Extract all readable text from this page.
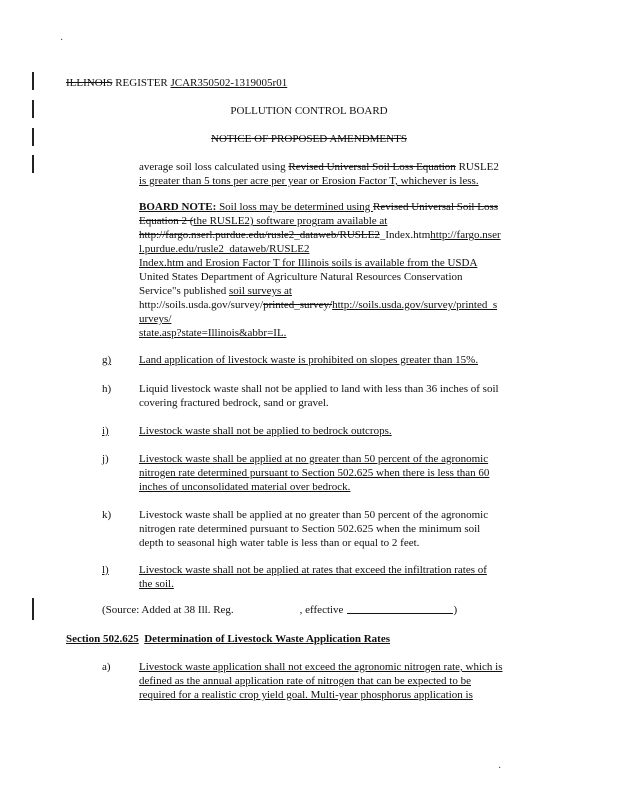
ILLINOIS REGISTER JCAR350502-1319005r01
POLLUTION CONTROL BOARD
NOTICE OF PROPOSED AMENDMENTS
average soil loss calculated using Revised Universal Soil Loss Equation RUSLE2
is greater than 5 tons per acre per year or Erosion Factor T, whichever is less.
BOARD NOTE: Soil loss may be determined using Revised Universal Soil Loss
Equation 2 (the RUSLE2) software program available at
http://fargo.nserl.purdue.edu/rusle2_dataweb/RUSLE2_Index.htmhttp://fargo.nser
l.purdue.edu/rusle2_dataweb/RUSLE2
Index.htm and Erosion Factor T for Illinois soils is available from the USDA
United States Department of Agriculture Natural Resources Conservation
Service"s published soil surveys at
http://soils.usda.gov/survey/printed_survey/http://soils.usda.gov/survey/printed_s
urveys/
state.asp?state=Illinois&abbr=IL.
g)	Land application of livestock waste is prohibited on slopes greater than 15%.
h)	Liquid livestock waste shall not be applied to land with less than 36 inches of soil
covering fractured bedrock, sand or gravel.
i)	Livestock waste shall not be applied to bedrock outcrops.
j)	Livestock waste shall be applied at no greater than 50 percent of the agronomic
nitrogen rate determined pursuant to Section 502.625 when there is less than 60
inches of unconsolidated material over bedrock.
k)	Livestock waste shall be applied at no greater than 50 percent of the agronomic
nitrogen rate determined pursuant to Section 502.625 when the minimum soil
depth to seasonal high water table is less than or equal to 2 feet.
l)	Livestock waste shall not be applied at rates that exceed the infiltration rates of
the soil.
(Source: Added at 38 Ill. Reg.	, effective	)
Section 502.625 Determination of Livestock Waste Application Rates
a)	Livestock waste application shall not exceed the agronomic nitrogen rate, which is
defined as the annual application rate of nitrogen that can be expected to be
required for a realistic crop yield goal. Multi-year phosphorus application is
·
·
